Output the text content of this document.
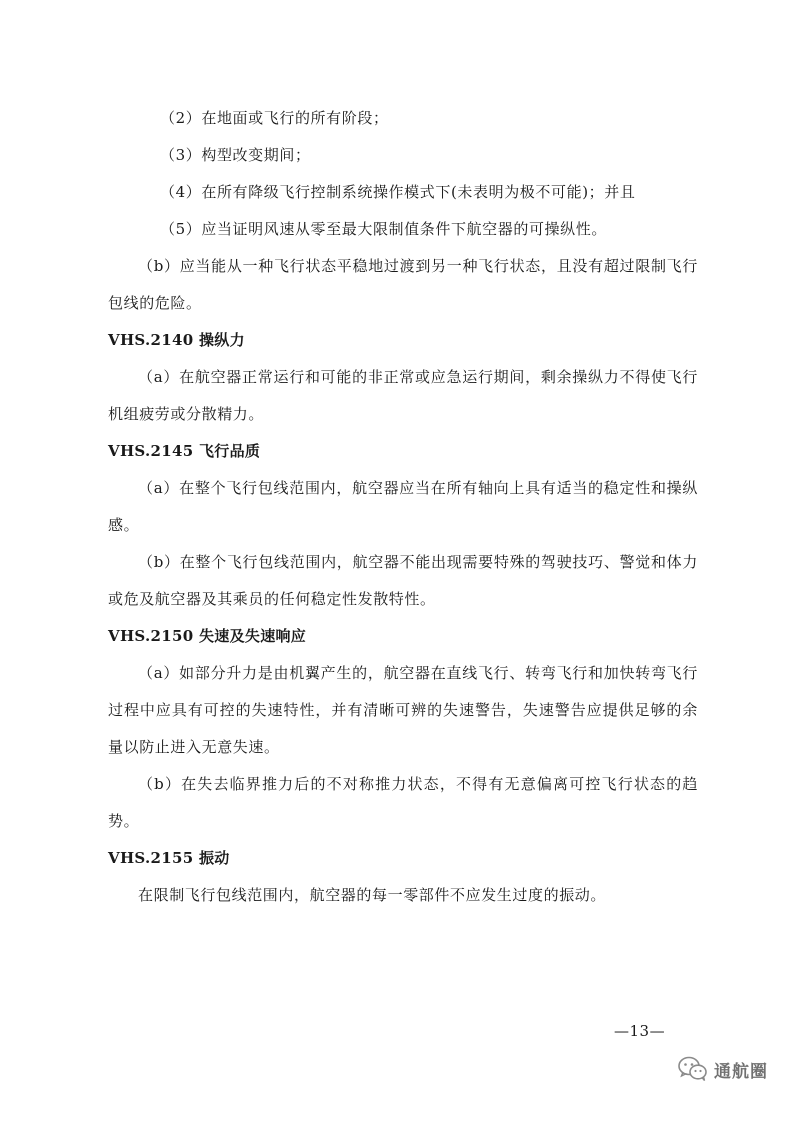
（2）在地面或飞行的所有阶段；

（3）构型改变期间；

（4）在所有降级飞行控制系统操作模式下(未表明为极不可能)；并且

（5）应当证明风速从零至最大限制值条件下航空器的可操纵性。

（b）应当能从一种飞行状态平稳地过渡到另一种飞行状态，且没有超过限制飞行包线的危险。

VHS.2140 操纵力

（a）在航空器正常运行和可能的非正常或应急运行期间，剩余操纵力不得使飞行机组疲劳或分散精力。

VHS.2145 飞行品质

（a）在整个飞行包线范围内，航空器应当在所有轴向上具有适当的稳定性和操纵感。

（b）在整个飞行包线范围内，航空器不能出现需要特殊的驾驶技巧、警觉和体力或危及航空器及其乘员的任何稳定性发散特性。

VHS.2150 失速及失速响应

（a）如部分升力是由机翼产生的，航空器在直线飞行、转弯飞行和加快转弯飞行过程中应具有可控的失速特性，并有清晰可辨的失速警告，失速警告应提供足够的余量以防止进入无意失速。

（b）在失去临界推力后的不对称推力状态，不得有无意偏离可控飞行状态的趋势。

VHS.2155 振动

在限制飞行包线范围内，航空器的每一零部件不应发生过度的振动。

—13—
通航圈
